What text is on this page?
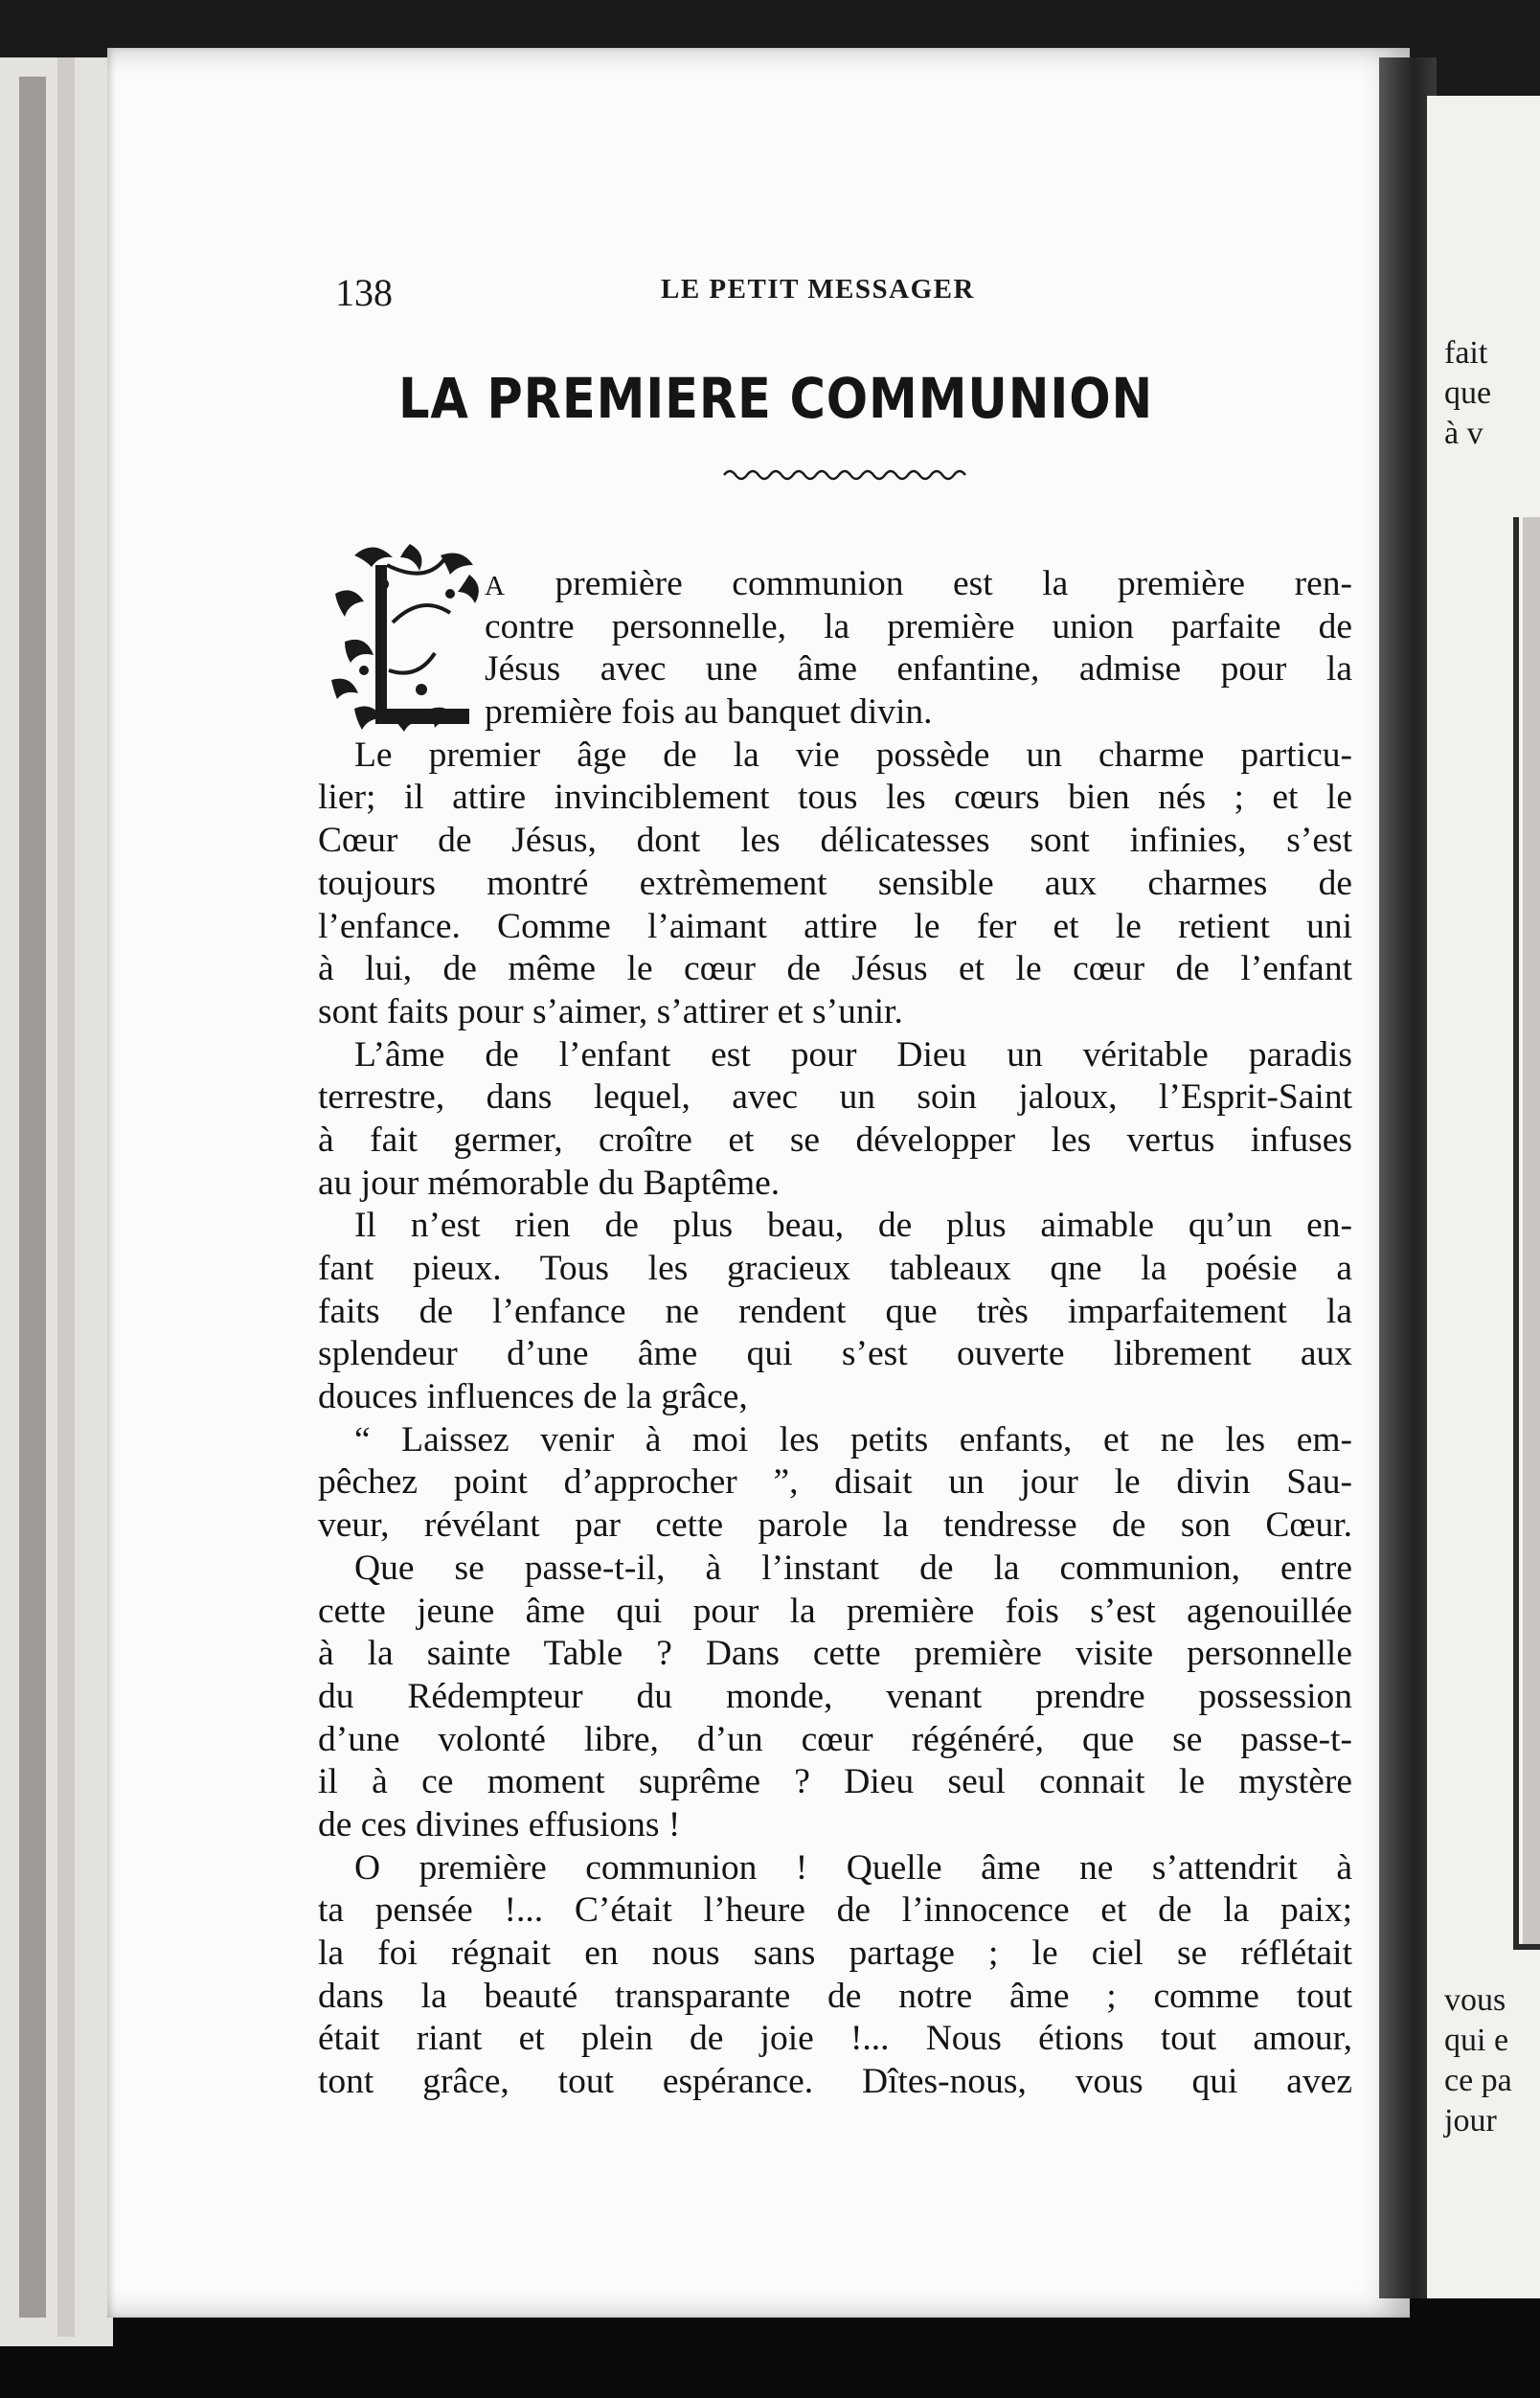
fait
que
à v
vous
qui e
ce pa
jour
138	LE PETIT MESSAGER
LA PREMIERE COMMUNION
A première communion est la première ren-
contre personnelle, la première union parfaite de
Jésus avec une âme enfantine, admise pour la
première fois au banquet divin.
Le premier âge de la vie possède un charme particu-
lier; il attire invinciblement tous les cœurs bien nés ; et le
Cœur de Jésus, dont les délicatesses sont infinies, s’est
toujours montré extrèmement sensible aux charmes de
l’enfance. Comme l’aimant attire le fer et le retient uni
à lui, de même le cœur de Jésus et le cœur de l’enfant
sont faits pour s’aimer, s’attirer et s’unir.
L’âme de l’enfant est pour Dieu un véritable paradis
terrestre, dans lequel, avec un soin jaloux, l’Esprit-Saint
à fait germer, croître et se développer les vertus infuses
au jour mémorable du Baptême.
Il n’est rien de plus beau, de plus aimable qu’un en-
fant pieux. Tous les gracieux tableaux qne la poésie a
faits de l’enfance ne rendent que très imparfaitement la
splendeur d’une âme qui s’est ouverte librement aux
douces influences de la grâce,
“ Laissez venir à moi les petits enfants, et ne les em-
pêchez point d’approcher ”, disait un jour le divin Sau-
veur, révélant par cette parole la tendresse de son Cœur.
Que se passe-t-il, à l’instant de la communion, entre
cette jeune âme qui pour la première fois s’est agenouillée
à la sainte Table ? Dans cette première visite personnelle
du Rédempteur du monde, venant prendre possession
d’une volonté libre, d’un cœur régénéré, que se passe-t-
il à ce moment suprême ? Dieu seul connait le mystère
de ces divines effusions !
O première communion ! Quelle âme ne s’attendrit à
ta pensée !... C’était l’heure de l’innocence et de la paix;
la foi régnait en nous sans partage ; le ciel se réflétait
dans la beauté transparante de notre âme ; comme tout
était riant et plein de joie !... Nous étions tout amour,
tont grâce, tout espérance. Dîtes-nous, vous qui avez
